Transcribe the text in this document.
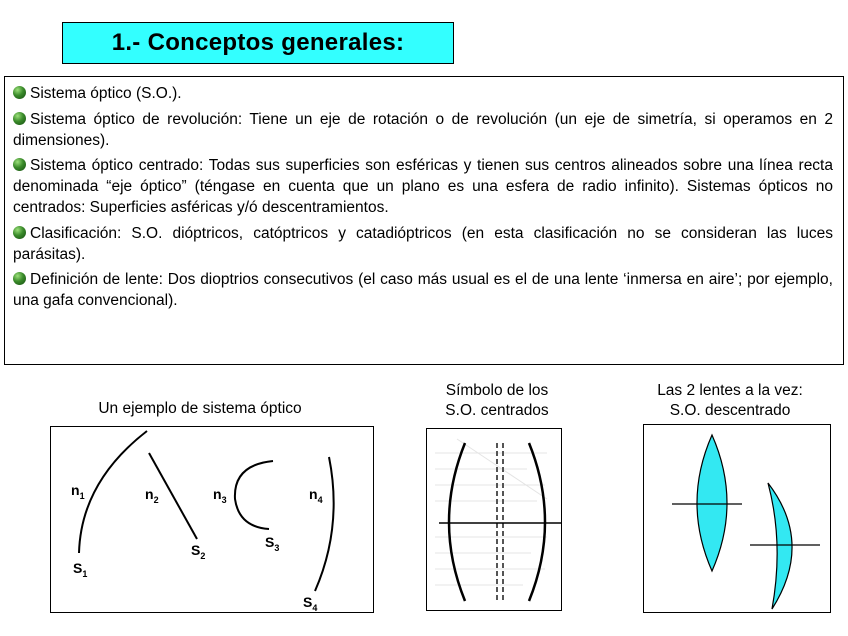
1.- Conceptos generales:

Sistema óptico (S.O.).

Sistema óptico de revolución: Tiene un eje de rotación o de revolución (un eje de simetría, si operamos en 2 dimensiones).

Sistema óptico centrado: Todas sus superficies son esféricas y tienen sus centros alineados sobre una línea recta denominada “eje óptico” (téngase en cuenta que un plano es una esfera de radio infinito). Sistemas ópticos no centrados: Superficies asféricas y/ó descentramientos.

Clasificación: S.O. dióptricos, catóptricos y catadióptricos (en esta clasificación no se consideran las luces parásitas).

Definición de lente: Dos dioptrios consecutivos (el caso más usual es el de una lente ‘inmersa en aire’; por ejemplo, una gafa convencional).

Un ejemplo de sistema óptico
$n_1$	$n_2$	$n_3$	$n_4$
$S_1$
$S_2$
$S_3$
$S_4$
Símbolo de los
S.O. centrados
Las 2 lentes a la vez:
S.O. descentrado
